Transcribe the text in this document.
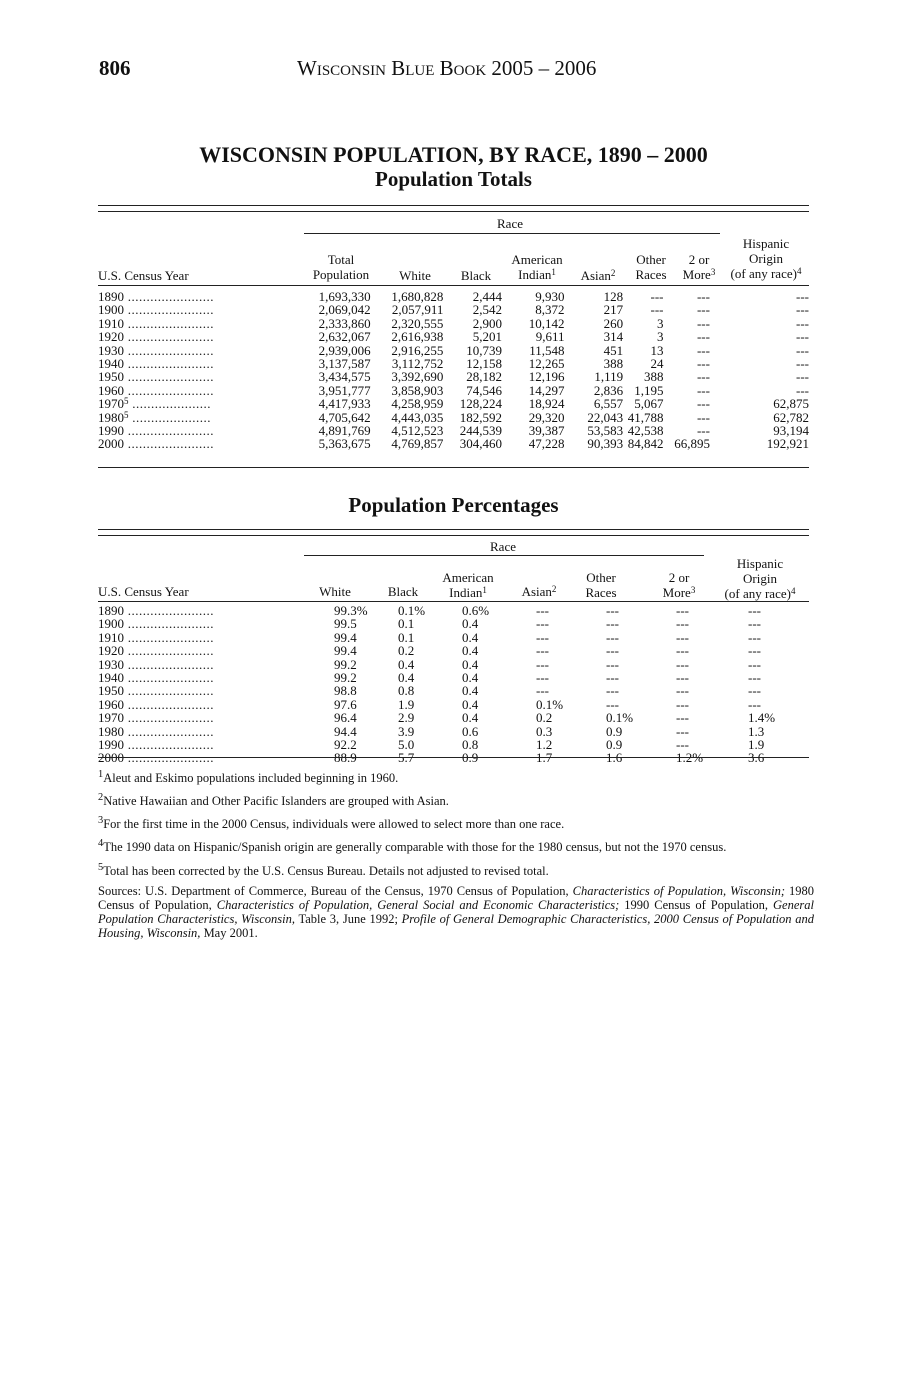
806	Wisconsin Blue Book 2005 – 2006
WISCONSIN POPULATION, BY RACE, 1890 – 2000
Population Totals
Race
U.S. Census Year
Total
Population	White	Black
American
Indian$^1$	Asian$^2$
Other
Races
2 or
More$^3$
Hispanic
Origin
(of any race)$^4$
1890 .......................	1,693,330	1,680,828	2,444	9,930	128	---	---	---
1900 .......................	2,069,042	2,057,911	2,542	8,372	217	---	---	---
1910 .......................	2,333,860	2,320,555	2,900	10,142	260	3	---	---
1920 .......................	2,632,067	2,616,938	5,201	9,611	314	3	---	---
1930 .......................	2,939,006	2,916,255	10,739	11,548	451	13	---	---
1940 .......................	3,137,587	3,112,752	12,158	12,265	388	24	---	---
1950 .......................	3,434,575	3,392,690	28,182	12,196	1,119	388	---	---
1960 .......................	3,951,777	3,858,903	74,546	14,297	2,836	1,195	---	---
1970$^5$ .....................	4,417,933	4,258,959	128,224	18,924	6,557	5,067	---	62,875
1980$^5$ .....................	4,705,642	4,443,035	182,592	29,320	22,043	41,788	---	62,782
1990 .......................	4,891,769	4,512,523	244,539	39,387	53,583	42,538	---	93,194
2000 .......................	5,363,675	4,769,857	304,460	47,228	90,393	84,842	66,895	192,921
Population Percentages
Race
U.S. Census Year	White	Black
American
Indian$^1$	Asian$^2$
Other
Races
2 or
More$^3$
Hispanic
Origin
(of any race)$^4$
1890 .......................	99.3%	0.1%	0.6%	---	---	---	---
1900 .......................	99.5	0.1	0.4	---	---	---	---
1910 .......................	99.4	0.1	0.4	---	---	---	---
1920 .......................	99.4	0.2	0.4	---	---	---	---
1930 .......................	99.2	0.4	0.4	---	---	---	---
1940 .......................	99.2	0.4	0.4	---	---	---	---
1950 .......................	98.8	0.8	0.4	---	---	---	---
1960 .......................	97.6	1.9	0.4	0.1%	---	---	---
1970 .......................	96.4	2.9	0.4	0.2	0.1%	---	1.4%
1980 .......................	94.4	3.9	0.6	0.3	0.9	---	1.3
1990 .......................	92.2	5.0	0.8	1.2	0.9	---	1.9
2000 .......................	88.9	5.7	0.9	1.7	1.6	1.2%	3.6

$^1$Aleut and Eskimo populations included beginning in 1960.

$^2$Native Hawaiian and Other Pacific Islanders are grouped with Asian.

$^3$For the first time in the 2000 Census, individuals were allowed to select more than one race.

$^4$The 1990 data on Hispanic/Spanish origin are generally comparable with those for the 1980 census, but not the 1970 census.

$^5$Total has been corrected by the U.S. Census Bureau. Details not adjusted to revised total.

Sources: U.S. Department of Commerce, Bureau of the Census, 1970 Census of Population, Characteristics of Population, Wisconsin; 1980 Census of Population, Characteristics of Population, General Social and Economic Characteristics; 1990 Census of Population, General Population Characteristics, Wisconsin, Table 3, June 1992; Profile of General Demographic Characteristics, 2000 Census of Population and Housing, Wisconsin, May 2001.
